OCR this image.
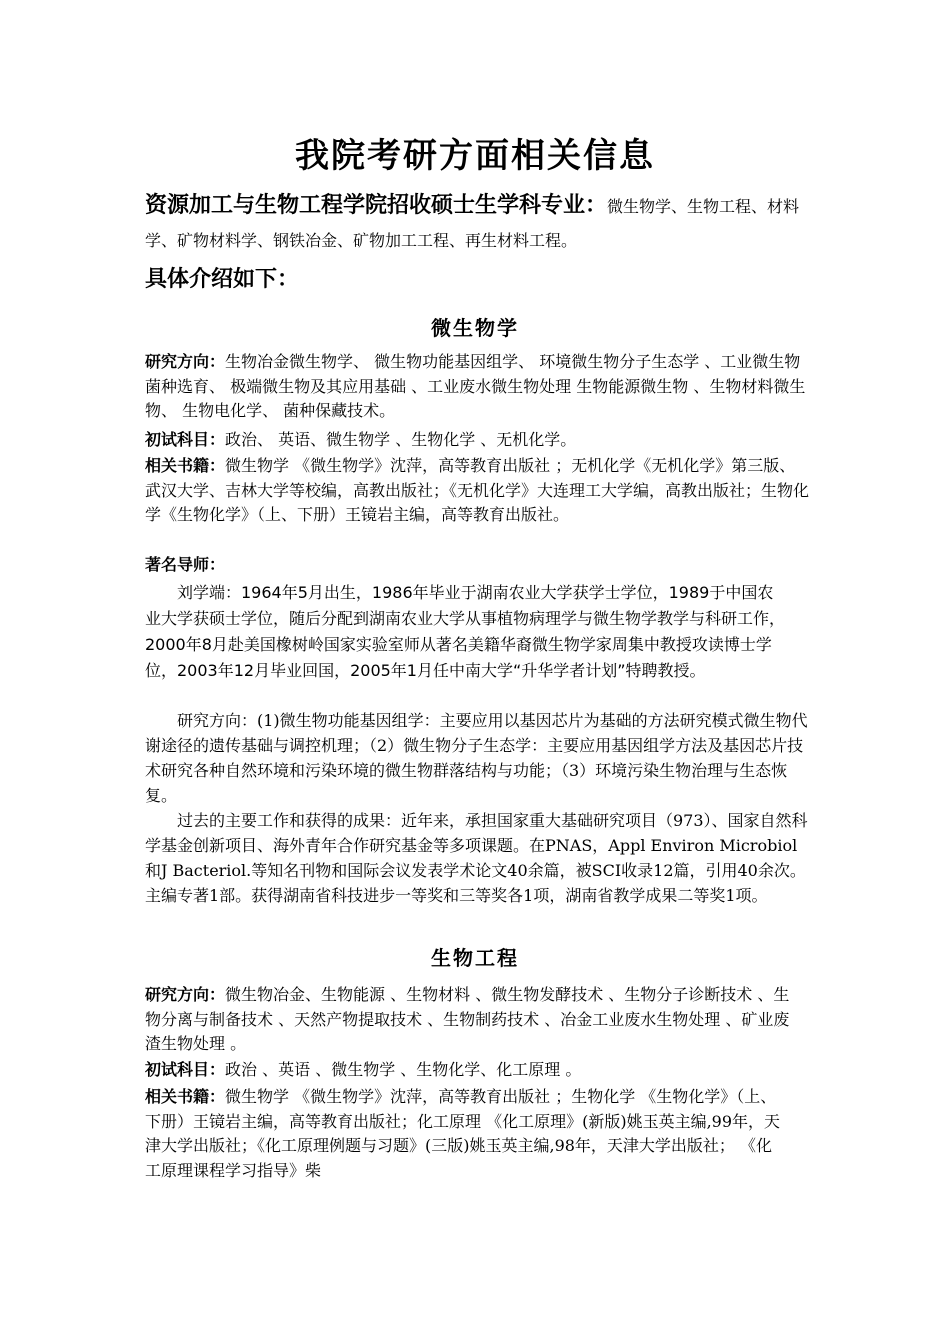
我院考研方面相关信息
资源加工与生物工程学院招收硕士生学科专业：微生物学、生物工程、材料学、矿物材料学、钢铁冶金、矿物加工工程、再生材料工程。
具体介绍如下：
微生物学
研究方向：生物冶金微生物学、 微生物功能基因组学、 环境微生物分子生态学 、工业微生物菌种选育、 极端微生物及其应用基础 、工业废水微生物处理 生物能源微生物 、生物材料微生物、 生物电化学、 菌种保藏技术。
初试科目：政治、 英语、微生物学 、生物化学 、无机化学。
相关书籍：微生物学 《微生物学》沈萍，高等教育出版社 ；无机化学《无机化学》第三版、武汉大学、吉林大学等校编，高教出版社；《无机化学》大连理工大学编，高教出版社；生物化学《生物化学》（上、下册）王镜岩主编，高等教育出版社。
著名导师：
刘学端：1964年5月出生，1986年毕业于湖南农业大学获学士学位，1989于中国农业大学获硕士学位，随后分配到湖南农业大学从事植物病理学与微生物学教学与科研工作，2000年8月赴美国橡树岭国家实验室师从著名美籍华裔微生物学家周集中教授攻读博士学位，2003年12月毕业回国，2005年1月任中南大学“升华学者计划”特聘教授。
研究方向：(1)微生物功能基因组学：主要应用以基因芯片为基础的方法研究模式微生物代谢途径的遗传基础与调控机理；（2）微生物分子生态学：主要应用基因组学方法及基因芯片技术研究各种自然环境和污染环境的微生物群落结构与功能；（3）环境污染生物治理与生态恢复。
过去的主要工作和获得的成果：近年来，承担国家重大基础研究项目（973）、国家自然科学基金创新项目、海外青年合作研究基金等多项课题。在PNAS，Appl Environ Microbiol和J Bacteriol.等知名刊物和国际会议发表学术论文40余篇，被SCI收录12篇，引用40余次。主编专著1部。获得湖南省科技进步一等奖和三等奖各1项，湖南省教学成果二等奖1项。
生物工程
研究方向：微生物冶金、生物能源 、生物材料 、微生物发酵技术 、生物分子诊断技术 、生物分离与制备技术 、天然产物提取技术 、生物制药技术 、冶金工业废水生物处理 、矿业废渣生物处理 。
初试科目：政治 、英语 、微生物学 、生物化学、化工原理 。
相关书籍：微生物学 《微生物学》沈萍，高等教育出版社 ；生物化学 《生物化学》（上、下册）王镜岩主编，高等教育出版社；化工原理 《化工原理》(新版)姚玉英主编,99年，天津大学出版社；《化工原理例题与习题》(三版)姚玉英主编,98年，天津大学出版社； 《化工原理课程学习指导》柴
